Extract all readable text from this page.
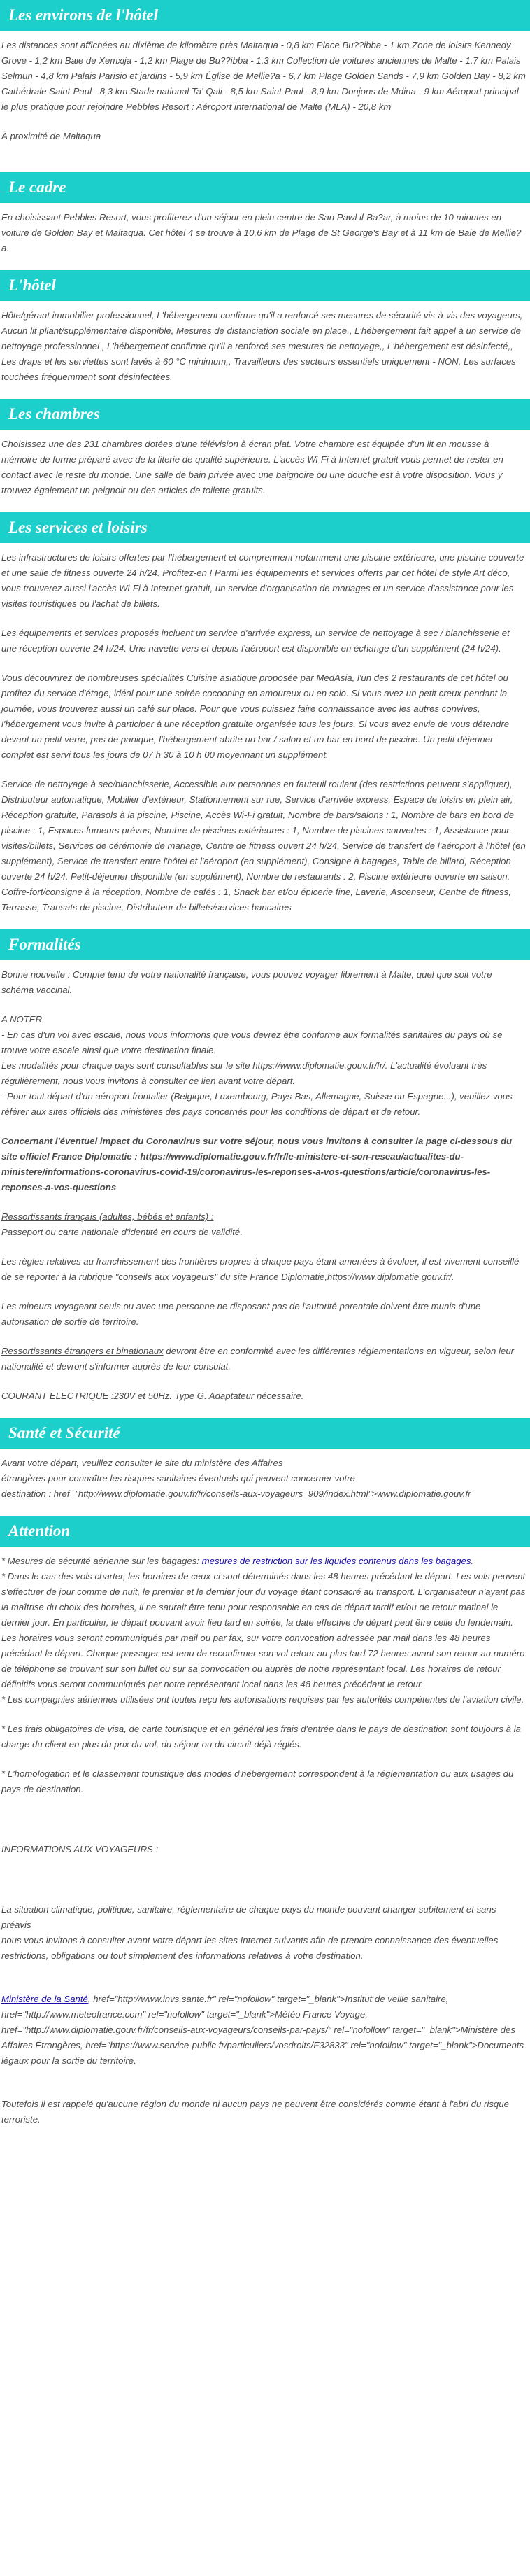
Les environs de l'hôtel

Les distances sont affichées au dixième de kilomètre près Maltaqua - 0,8 km Place Bu??ibba - 1 km Zone de loisirs Kennedy Grove - 1,2 km Baie de Xemxija - 1,2 km Plage de Bu??ibba - 1,3 km Collection de voitures anciennes de Malte - 1,7 km Palais Selmun - 4,8 km Palais Parisio et jardins - 5,9 km Église de Mellie?a - 6,7 km Plage Golden Sands - 7,9 km Golden Bay - 8,2 km Cathédrale Saint-Paul - 8,3 km Stade national Ta' Qali - 8,5 km Saint-Paul - 8,9 km Donjons de Mdina - 9 km Aéroport principal le plus pratique pour rejoindre Pebbles Resort : Aéroport international de Malte (MLA) - 20,8 km

À proximité de Maltaqua

Le cadre

En choisissant Pebbles Resort, vous profiterez d'un séjour en plein centre de San Pawl il-Ba?ar, à moins de 10 minutes en voiture de Golden Bay et Maltaqua. Cet hôtel 4 se trouve à 10,6 km de Plage de St George's Bay et à 11 km de Baie de Mellie?a.

L'hôtel

Hôte/gérant immobilier professionnel, L'hébergement confirme qu'il a renforcé ses mesures de sécurité vis-à-vis des voyageurs, Aucun lit pliant/supplémentaire disponible, Mesures de distanciation sociale en place,, L'hébergement fait appel à un service de nettoyage professionnel , L'hébergement confirme qu'il a renforcé ses mesures de nettoyage,, L'hébergement est désinfecté,, Les draps et les serviettes sont lavés à 60 °C minimum,, Travailleurs des secteurs essentiels uniquement - NON, Les surfaces touchées fréquemment sont désinfectées.

Les chambres

Choisissez une des 231 chambres dotées d'une télévision à écran plat. Votre chambre est équipée d'un lit en mousse à mémoire de forme préparé avec de la literie de qualité supérieure. L'accès Wi-Fi à Internet gratuit vous permet de rester en contact avec le reste du monde. Une salle de bain privée avec une baignoire ou une douche est à votre disposition. Vous y trouvez également un peignoir ou des articles de toilette gratuits.

Les services et loisirs

Les infrastructures de loisirs offertes par l'hébergement et comprennent notamment une piscine extérieure, une piscine couverte et une salle de fitness ouverte 24 h/24. Profitez-en ! Parmi les équipements et services offerts par cet hôtel de style Art déco, vous trouverez aussi l'accès Wi-Fi à Internet gratuit, un service d'organisation de mariages et un service d'assistance pour les visites touristiques ou l'achat de billets.

Les équipements et services proposés incluent un service d'arrivée express, un service de nettoyage à sec / blanchisserie et une réception ouverte 24 h/24. Une navette vers et depuis l'aéroport est disponible en échange d'un supplément (24 h/24).

Vous découvrirez de nombreuses spécialités Cuisine asiatique proposée par MedAsia, l'un des 2 restaurants de cet hôtel ou profitez du service d'étage, idéal pour une soirée cocooning en amoureux ou en solo. Si vous avez un petit creux pendant la journée, vous trouverez aussi un café sur place. Pour que vous puissiez faire connaissance avec les autres convives, l'hébergement vous invite à participer à une réception gratuite organisée tous les jours. Si vous avez envie de vous détendre devant un petit verre, pas de panique, l'hébergement abrite un bar / salon et un bar en bord de piscine. Un petit déjeuner complet est servi tous les jours de 07 h 30 à 10 h 00 moyennant un supplément.

Service de nettoyage à sec/blanchisserie, Accessible aux personnes en fauteuil roulant (des restrictions peuvent s'appliquer), Distributeur automatique, Mobilier d'extérieur, Stationnement sur rue, Service d'arrivée express, Espace de loisirs en plein air, Réception gratuite, Parasols à la piscine, Piscine, Accès Wi-Fi gratuit, Nombre de bars/salons : 1, Nombre de bars en bord de piscine : 1, Espaces fumeurs prévus, Nombre de piscines extérieures : 1, Nombre de piscines couvertes : 1, Assistance pour visites/billets, Services de cérémonie de mariage, Centre de fitness ouvert 24 h/24, Service de transfert de l'aéroport à l'hôtel (en supplément), Service de transfert entre l'hôtel et l'aéroport (en supplément), Consigne à bagages, Table de billard, Réception ouverte 24 h/24, Petit-déjeuner disponible (en supplément), Nombre de restaurants : 2, Piscine extérieure ouverte en saison, Coffre-fort/consigne à la réception, Nombre de cafés : 1, Snack bar et/ou épicerie fine, Laverie, Ascenseur, Centre de fitness, Terrasse, Transats de piscine, Distributeur de billets/services bancaires

Formalités

Bonne nouvelle : Compte tenu de votre nationalité française, vous pouvez voyager librement à Malte, quel que soit votre schéma vaccinal.

A NOTER

- En cas d'un vol avec escale, nous vous informons que vous devrez être conforme aux formalités sanitaires du pays où se trouve votre escale ainsi que votre destination finale.

Les modalités pour chaque pays sont consultables sur le site https://www.diplomatie.gouv.fr/fr/. L'actualité évoluant très régulièrement, nous vous invitons à consulter ce lien avant votre départ.

- Pour tout départ d'un aéroport frontalier (Belgique, Luxembourg, Pays-Bas, Allemagne, Suisse ou Espagne...), veuillez vous référer aux sites officiels des ministères des pays concernés pour les conditions de départ et de retour.

Concernant l'éventuel impact du Coronavirus sur votre séjour, nous vous invitons à consulter la page ci-dessous du site officiel France Diplomatie : https://www.diplomatie.gouv.fr/fr/le-ministere-et-son-reseau/actualites-du-ministere/informations-coronavirus-covid-19/coronavirus-les-reponses-a-vos-questions/article/coronavirus-les-reponses-a-vos-questions

Ressortissants français (adultes, bébés et enfants) :

Passeport ou carte nationale d'identité en cours de validité.

Les règles relatives au franchissement des frontières propres à chaque pays étant amenées à évoluer, il est vivement conseillé de se reporter à la rubrique "conseils aux voyageurs" du site France Diplomatie,https://www.diplomatie.gouv.fr/.

Les mineurs voyageant seuls ou avec une personne ne disposant pas de l'autorité parentale doivent être munis d'une autorisation de sortie de territoire.

Ressortissants étrangers et binationaux devront être en conformité avec les différentes réglementations en vigueur, selon leur nationalité et devront s'informer auprès de leur consulat.

COURANT ELECTRIQUE :230V et 50Hz. Type G. Adaptateur nécessaire.

Santé et Sécurité

Avant votre départ, veuillez consulter le site du ministère des Affaires

étrangères pour connaître les risques sanitaires éventuels qui peuvent concerner votre

destination : href="http://www.diplomatie.gouv.fr/fr/conseils-aux-voyageurs_909/index.html">www.diplomatie.gouv.fr

Attention

* Mesures de sécurité aérienne sur les bagages: mesures de restriction sur les liquides contenus dans les bagages.

* Dans le cas des vols charter, les horaires de ceux-ci sont déterminés dans les 48 heures précédant le départ. Les vols peuvent s'effectuer de jour comme de nuit, le premier et le dernier jour du voyage étant consacré au transport. L'organisateur n'ayant pas la maîtrise du choix des horaires, il ne saurait être tenu pour responsable en cas de départ tardif et/ou de retour matinal le dernier jour. En particulier, le départ pouvant avoir lieu tard en soirée, la date effective de départ peut être celle du lendemain. Les horaires vous seront communiqués par mail ou par fax, sur votre convocation adressée par mail dans les 48 heures précédant le départ. Chaque passager est tenu de reconfirmer son vol retour au plus tard 72 heures avant son retour au numéro de téléphone se trouvant sur son billet ou sur sa convocation ou auprès de notre représentant local. Les horaires de retour définitifs vous seront communiqués par notre représentant local dans les 48 heures précédant le retour.

* Les compagnies aériennes utilisées ont toutes reçu les autorisations requises par les autorités compétentes de l'aviation civile.

* Les frais obligatoires de visa, de carte touristique et en général les frais d'entrée dans le pays de destination sont toujours à la charge du client en plus du prix du vol, du séjour ou du circuit déjà réglés.

* L'homologation et le classement touristique des modes d'hébergement correspondent à la réglementation ou aux usages du pays de destination.

INFORMATIONS AUX VOYAGEURS :

La situation climatique, politique, sanitaire, réglementaire de chaque pays du monde pouvant changer subitement et sans préavis

nous vous invitons à consulter avant votre départ les sites Internet suivants afin de prendre connaissance des éventuelles restrictions, obligations ou tout simplement des informations relatives à votre destination.

Ministère de la Santé, href="http://www.invs.sante.fr" rel="nofollow" target="_blank">Institut de veille sanitaire, href="http://www.meteofrance.com" rel="nofollow" target="_blank">Météo France Voyage, href="http://www.diplomatie.gouv.fr/fr/conseils-aux-voyageurs/conseils-par-pays/" rel="nofollow" target="_blank">Ministère des Affaires Étrangères, href="https://www.service-public.fr/particuliers/vosdroits/F32833" rel="nofollow" target="_blank">Documents légaux pour la sortie du territoire.

Toutefois il est rappelé qu'aucune région du monde ni aucun pays ne peuvent être considérés comme étant à l'abri du risque terroriste.
